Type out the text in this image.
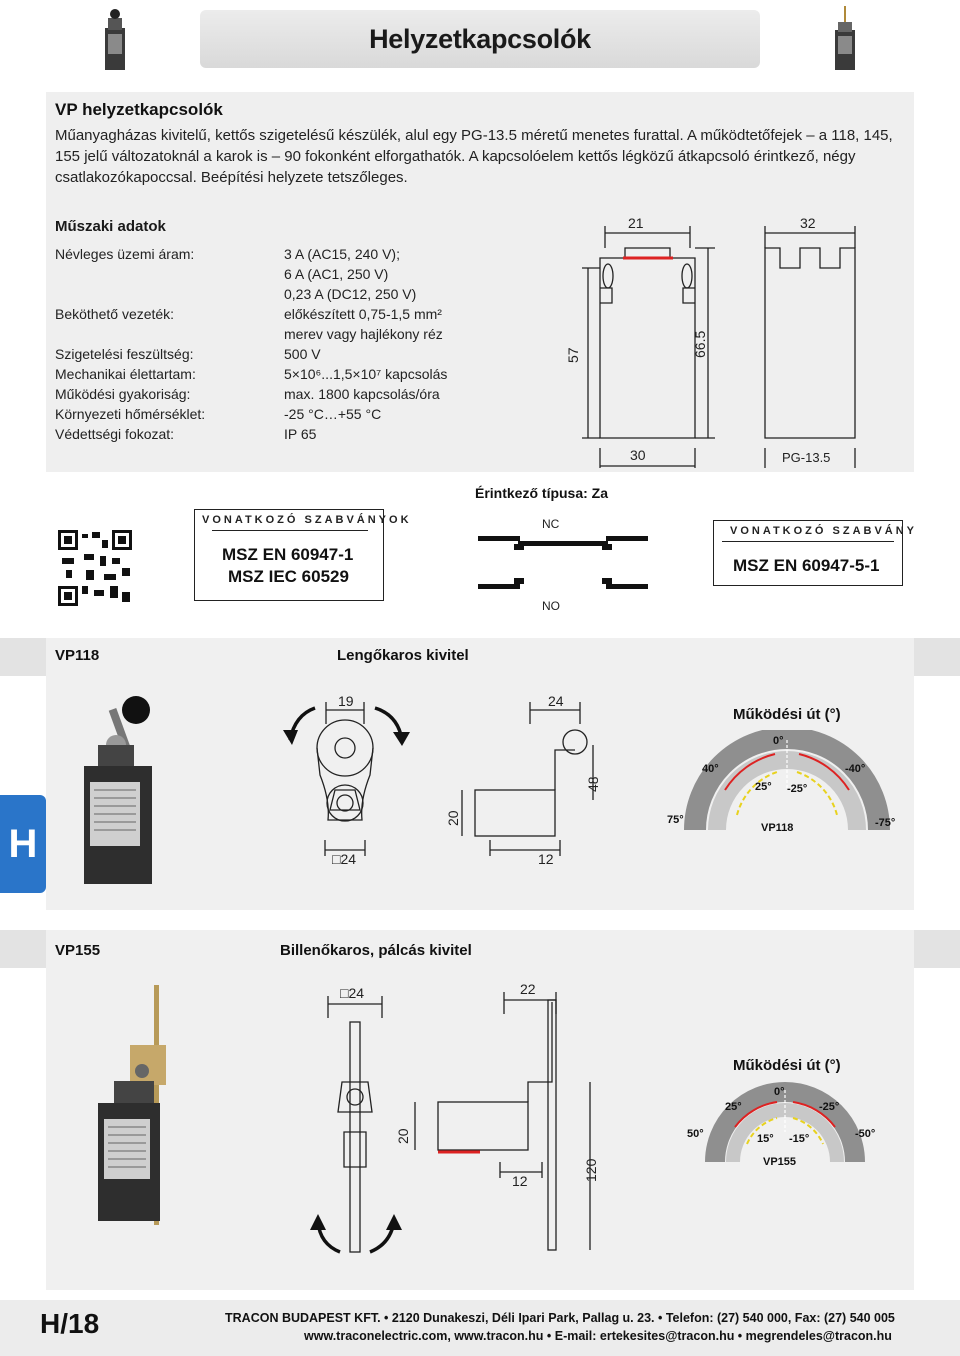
Helyzetkapcsolók
VP helyzetkapcsolók
Műanyagházas kivitelű, kettős szigetelésű készülék, alul egy PG-13.5 méretű menetes furattal. A működtetőfejek – a 118, 145, 155 jelű változatoknál a karok is – 90 fokonként elforgathatók. A kapcsolóelem kettős légközű átkapcsoló érintkező, négy csatlakozókapoccsal. Beépítési helyzete tetszőleges.
Műszaki adatok
Névleges üzemi áram:	3 A (AC15, 240 V);
6 A (AC1, 250 V)
0,23 A (DC12, 250 V)
Beköthető vezeték:	előkészített 0,75-1,5 mm²
merev vagy hajlékony réz
Szigetelési feszültség:	500 V
Mechanikai élettartam:	5×10⁶...1,5×10⁷ kapcsolás
Működési gyakoriság:	max. 1800 kapcsolás/óra
Környezeti hőmérséklet:	-25 °C…+55 °C
Védettségi fokozat:	IP 65
21	32
57	66.5
30	PG-13.5
VONATKOZÓ SZABVÁNYOK
MSZ EN 60947-1
MSZ IEC 60529
Érintkező típusa: Za
NC
NO
VONATKOZÓ SZABVÁNY
MSZ EN 60947-5-1
VP118	Lengőkaros kivitel
19	24
48
20
□24	12
Működési út (°)
0°
40°	-40°
25° -25°
75°	-75°
VP118
H
VP155	Billenőkaros, pálcás kivitel
□24	22
20
120
12
Működési út (°)
0°
25°	-25°
50°	-50°
15° -15°
VP155
H/18	TRACON BUDAPEST KFT. • 2120 Dunakeszi, Déli Ipari Park, Pallag u. 23. • Telefon: (27) 540 000, Fax: (27) 540 005
www.traconelectric.com, www.tracon.hu • E-mail: ertekesites@tracon.hu • megrendeles@tracon.hu
